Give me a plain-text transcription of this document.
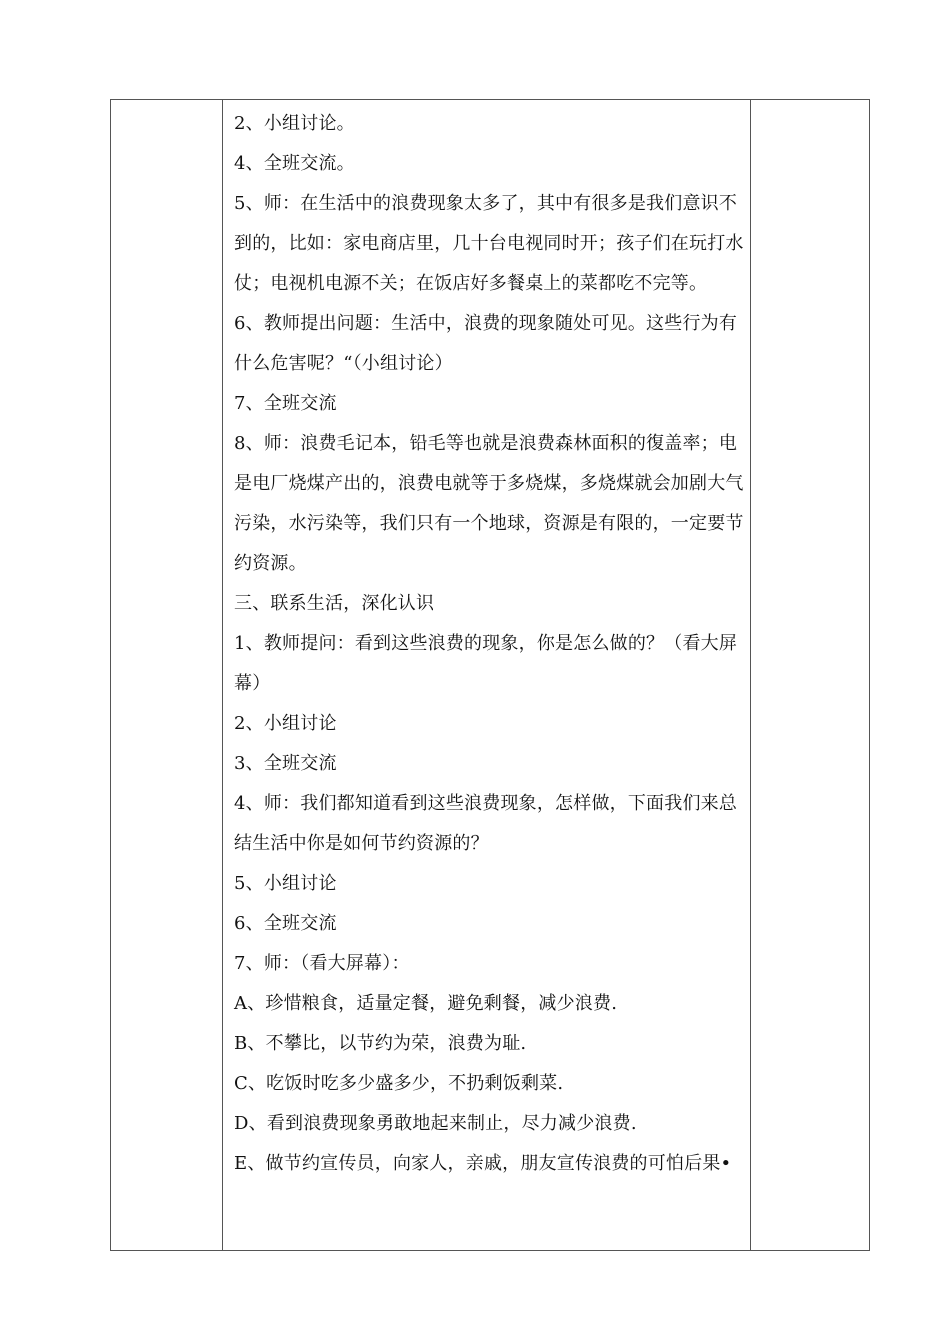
2、小组讨论。

4、全班交流。

5、师：在生活中的浪费现象太多了，其中有很多是我们意识不到的，比如：家电商店里，几十台电视同时开；孩子们在玩打水仗；电视机电源不关；在饭店好多餐桌上的菜都吃不完等。

6、教师提出问题：生活中，浪费的现象随处可见。这些行为有什么危害呢？“（小组讨论）

7、全班交流

8、师：浪费毛记本，铅毛等也就是浪费森林面积的復盖率；电是电厂烧煤产出的，浪费电就等于多烧煤，多烧煤就会加剧大气污染，水污染等，我们只有一个地球，资源是有限的，一定要节约资源。

三、联系生活，深化认识

1、教师提问：看到这些浪费的现象，你是怎么做的？（看大屏幕）

2、小组讨论

3、全班交流

4、师：我们都知道看到这些浪费现象，怎样做，下面我们来总结生活中你是如何节约资源的？

5、小组讨论

6、全班交流

7、师：（看大屏幕）：

A、珍惜粮食，适量定餐，避免剩餐，减少浪费.

B、不攀比，以节约为荣，浪费为耻.

C、吃饭时吃多少盛多少，不扔剩饭剩菜.

D、看到浪费现象勇敢地起来制止，尽力减少浪费.

E、做节约宣传员，向家人，亲戚，朋友宣传浪费的可怕后果•
